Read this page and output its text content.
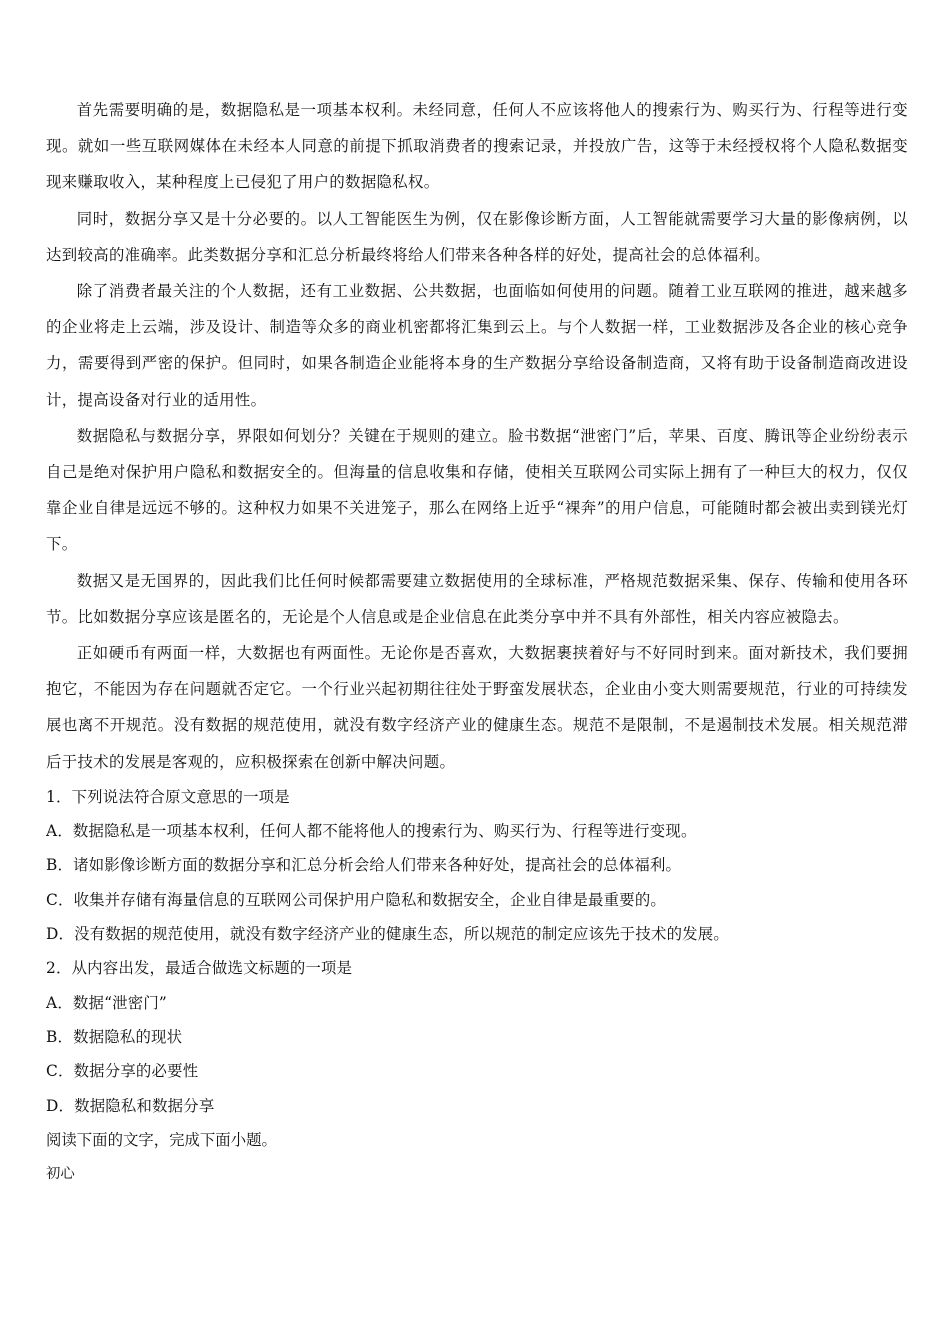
首先需要明确的是，数据隐私是一项基本权利。未经同意，任何人不应该将他人的搜索行为、购买行为、行程等进行变现。就如一些互联网媒体在未经本人同意的前提下抓取消费者的搜索记录，并投放广告，这等于未经授权将个人隐私数据变现来赚取收入，某种程度上已侵犯了用户的数据隐私权。

同时，数据分享又是十分必要的。以人工智能医生为例，仅在影像诊断方面，人工智能就需要学习大量的影像病例，以达到较高的准确率。此类数据分享和汇总分析最终将给人们带来各种各样的好处，提高社会的总体福利。

除了消费者最关注的个人数据，还有工业数据、公共数据，也面临如何使用的问题。随着工业互联网的推进，越来越多的企业将走上云端，涉及设计、制造等众多的商业机密都将汇集到云上。与个人数据一样，工业数据涉及各企业的核心竞争力，需要得到严密的保护。但同时，如果各制造企业能将本身的生产数据分享给设备制造商，又将有助于设备制造商改进设计，提高设备对行业的适用性。

数据隐私与数据分享，界限如何划分？关键在于规则的建立。脸书数据“泄密门”后，苹果、百度、腾讯等企业纷纷表示自己是绝对保护用户隐私和数据安全的。但海量的信息收集和存储，使相关互联网公司实际上拥有了一种巨大的权力，仅仅靠企业自律是远远不够的。这种权力如果不关进笼子，那么在网络上近乎“裸奔”的用户信息，可能随时都会被出卖到镁光灯下。

数据又是无国界的，因此我们比任何时候都需要建立数据使用的全球标准，严格规范数据采集、保存、传输和使用各环节。比如数据分享应该是匿名的，无论是个人信息或是企业信息在此类分享中并不具有外部性，相关内容应被隐去。

正如硬币有两面一样，大数据也有两面性。无论你是否喜欢，大数据裹挟着好与不好同时到来。面对新技术，我们要拥抱它，不能因为存在问题就否定它。一个行业兴起初期往往处于野蛮发展状态，企业由小变大则需要规范，行业的可持续发展也离不开规范。没有数据的规范使用，就没有数字经济产业的健康生态。规范不是限制，不是遏制技术发展。相关规范滞后于技术的发展是客观的，应积极探索在创新中解决问题。

1．下列说法符合原文意思的一项是

A．数据隐私是一项基本权利，任何人都不能将他人的搜索行为、购买行为、行程等进行变现。

B．诸如影像诊断方面的数据分享和汇总分析会给人们带来各种好处，提高社会的总体福利。

C．收集并存储有海量信息的互联网公司保护用户隐私和数据安全，企业自律是最重要的。

D．没有数据的规范使用，就没有数字经济产业的健康生态，所以规范的制定应该先于技术的发展。

2．从内容出发，最适合做选文标题的一项是

A．数据“泄密门”

B．数据隐私的现状

C．数据分享的必要性

D．数据隐私和数据分享

阅读下面的文字，完成下面小题。

初心
